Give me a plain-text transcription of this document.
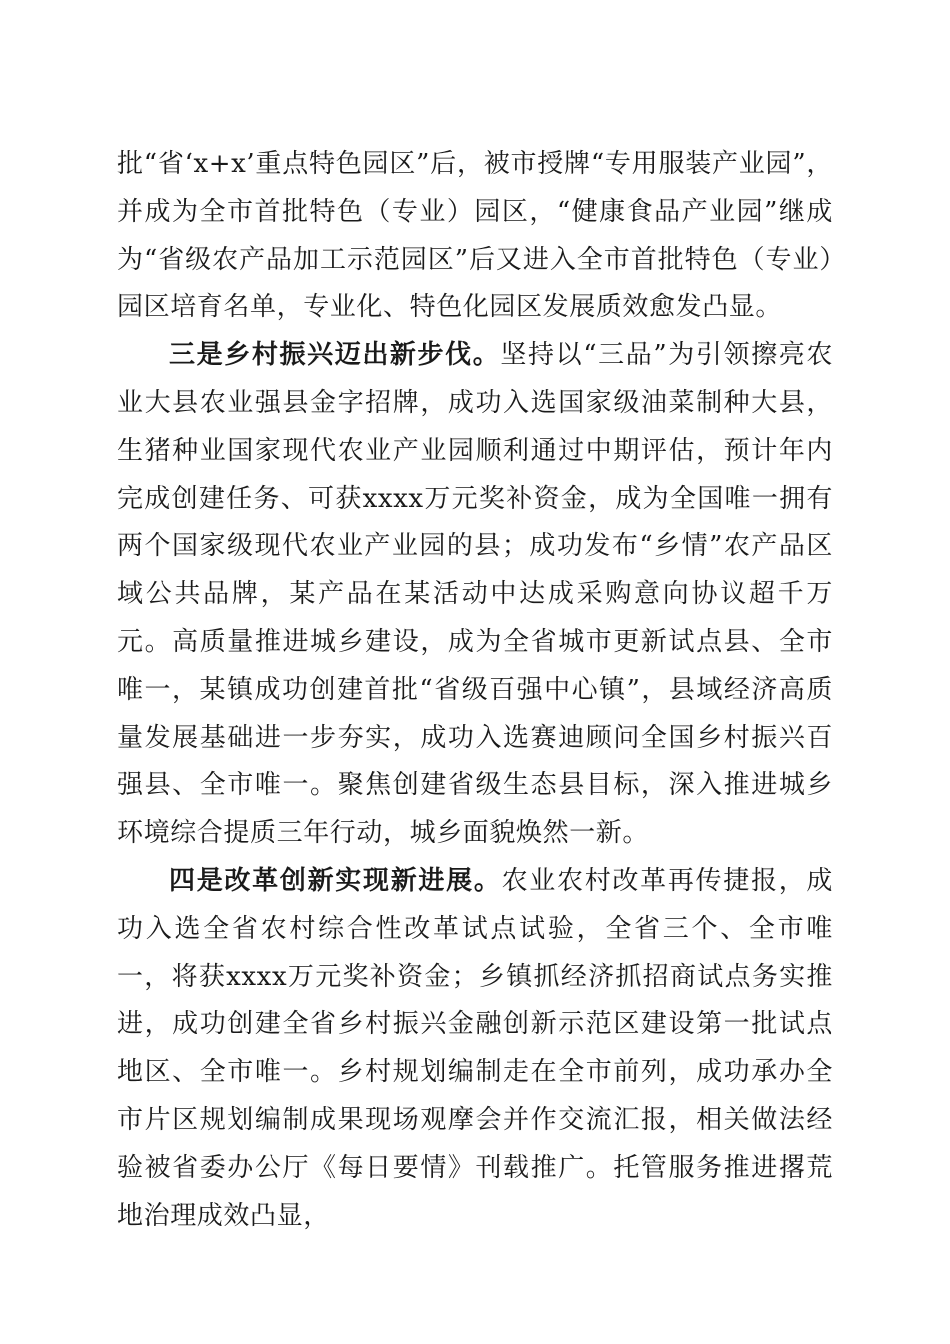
批“省‘x+x’重点特色园区”后，被市授牌“专用服装产业园”，并成为全市首批特色（专业）园区，“健康食品产业园”继成为“省级农产品加工示范园区”后又进入全市首批特色（专业）园区培育名单，专业化、特色化园区发展质效愈发凸显。

三是乡村振兴迈出新步伐。坚持以“三品”为引领擦亮农业大县农业强县金字招牌，成功入选国家级油菜制种大县，生猪种业国家现代农业产业园顺利通过中期评估，预计年内完成创建任务、可获xxxx万元奖补资金，成为全国唯一拥有两个国家级现代农业产业园的县；成功发布“乡情”农产品区域公共品牌，某产品在某活动中达成采购意向协议超千万元。高质量推进城乡建设，成为全省城市更新试点县、全市唯一，某镇成功创建首批“省级百强中心镇”，县域经济高质量发展基础进一步夯实，成功入选赛迪顾问全国乡村振兴百强县、全市唯一。聚焦创建省级生态县目标，深入推进城乡环境综合提质三年行动，城乡面貌焕然一新。

四是改革创新实现新进展。农业农村改革再传捷报，成功入选全省农村综合性改革试点试验，全省三个、全市唯一，将获xxxx万元奖补资金；乡镇抓经济抓招商试点务实推进，成功创建全省乡村振兴金融创新示范区建设第一批试点地区、全市唯一。乡村规划编制走在全市前列，成功承办全市片区规划编制成果现场观摩会并作交流汇报，相关做法经验被省委办公厅《每日要情》刊载推广。托管服务推进撂荒地治理成效凸显，
